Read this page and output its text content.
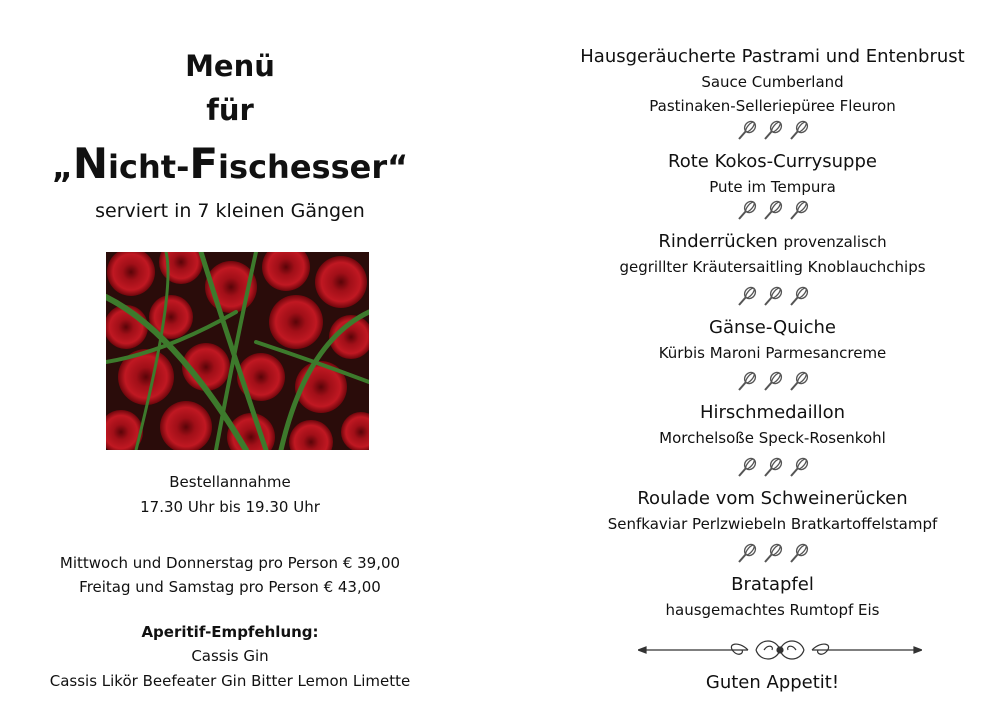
Menü
für
„Nicht-Fischesser“
serviert in 7 kleinen Gängen
Bestellannahme
17.30 Uhr bis 19.30 Uhr
Mittwoch und Donnerstag pro Person € 39,00
Freitag und Samstag pro Person € 43,00
Aperitif-Empfehlung:
Cassis Gin
Cassis Likör Beefeater Gin Bitter Lemon Limette
Hausgeräucherte Pastrami und Entenbrust
Sauce Cumberland
Pastinaken-Selleriepüree Fleuron
Rote Kokos-Currysuppe
Pute im Tempura
Rinderrücken provenzalisch
gegrillter Kräutersaitling Knoblauchchips
Gänse-Quiche
Kürbis Maroni Parmesancreme
Hirschmedaillon
Morchelsoße Speck-Rosenkohl
Roulade vom Schweinerücken
Senfkaviar Perlzwiebeln Bratkartoffelstampf
Bratapfel
hausgemachtes Rumtopf Eis
Guten Appetit!
